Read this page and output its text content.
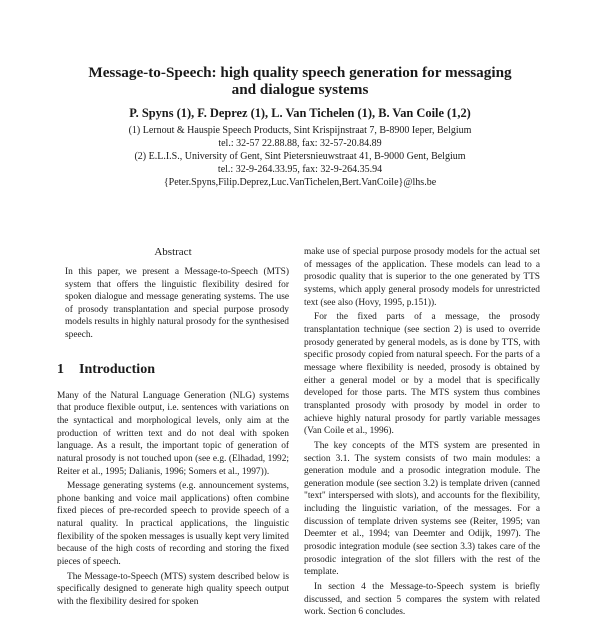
Message-to-Speech: high quality speech generation for messaging
and dialogue systems
P. Spyns (1), F. Deprez (1), L. Van Tichelen (1), B. Van Coile (1,2)
(1) Lernout & Hauspie Speech Products, Sint Krispijnstraat 7, B-8900 Ieper, Belgium
tel.: 32-57 22.88.88, fax: 32-57-20.84.89
(2) E.L.I.S., University of Gent, Sint Pietersnieuwstraat 41, B-9000 Gent, Belgium
tel.: 32-9-264.33.95, fax: 32-9-264.35.94
{Peter.Spyns,Filip.Deprez,Luc.VanTichelen,Bert.VanCoile}@lhs.be
Abstract

In this paper, we present a Message-to-Speech (MTS) system that offers the linguistic flexibility desired for spoken dialogue and message generating systems. The use of prosody transplantation and special purpose prosody models results in highly natural prosody for the synthesised speech.

1 Introduction

Many of the Natural Language Generation (NLG) systems that produce flexible output, i.e. sentences with variations on the syntactical and morphological levels, only aim at the production of written text and do not deal with spoken language. As a result, the important topic of generation of natural prosody is not touched upon (see e.g. (Elhadad, 1992; Reiter et al., 1995; Dalianis, 1996; Somers et al., 1997)).

Message generating systems (e.g. announcement systems, phone banking and voice mail applications) often combine fixed pieces of pre-recorded speech to provide speech of a natural quality. In practical applications, the linguistic flexibility of the spoken messages is usually kept very limited because of the high costs of recording and storing the fixed pieces of speech.

The Message-to-Speech (MTS) system described below is specifically designed to generate high quality speech output with the flexibility desired for spoken

make use of special purpose prosody models for the actual set of messages of the application. These models can lead to a prosodic quality that is superior to the one generated by TTS systems, which apply general prosody models for unrestricted text (see also (Hovy, 1995, p.151)).

For the fixed parts of a message, the prosody transplantation technique (see section 2) is used to override prosody generated by general models, as is done by TTS, with specific prosody copied from natural speech. For the parts of a message where flexibility is needed, prosody is obtained by either a general model or by a model that is specifically developed for those parts. The MTS system thus combines transplanted prosody with prosody by model in order to achieve highly natural prosody for partly variable messages (Van Coile et al., 1996).

The key concepts of the MTS system are presented in section 3.1. The system consists of two main modules: a generation module and a prosodic integration module. The generation module (see section 3.2) is template driven (canned "text" interspersed with slots), and accounts for the flexibility, including the linguistic variation, of the messages. For a discussion of template driven systems see (Reiter, 1995; van Deemter et al., 1994; van Deemter and Odijk, 1997). The prosodic integration module (see section 3.3) takes care of the prosodic integration of the slot fillers with the rest of the template.

In section 4 the Message-to-Speech system is briefly discussed, and section 5 compares the system with related work. Section 6 concludes.
